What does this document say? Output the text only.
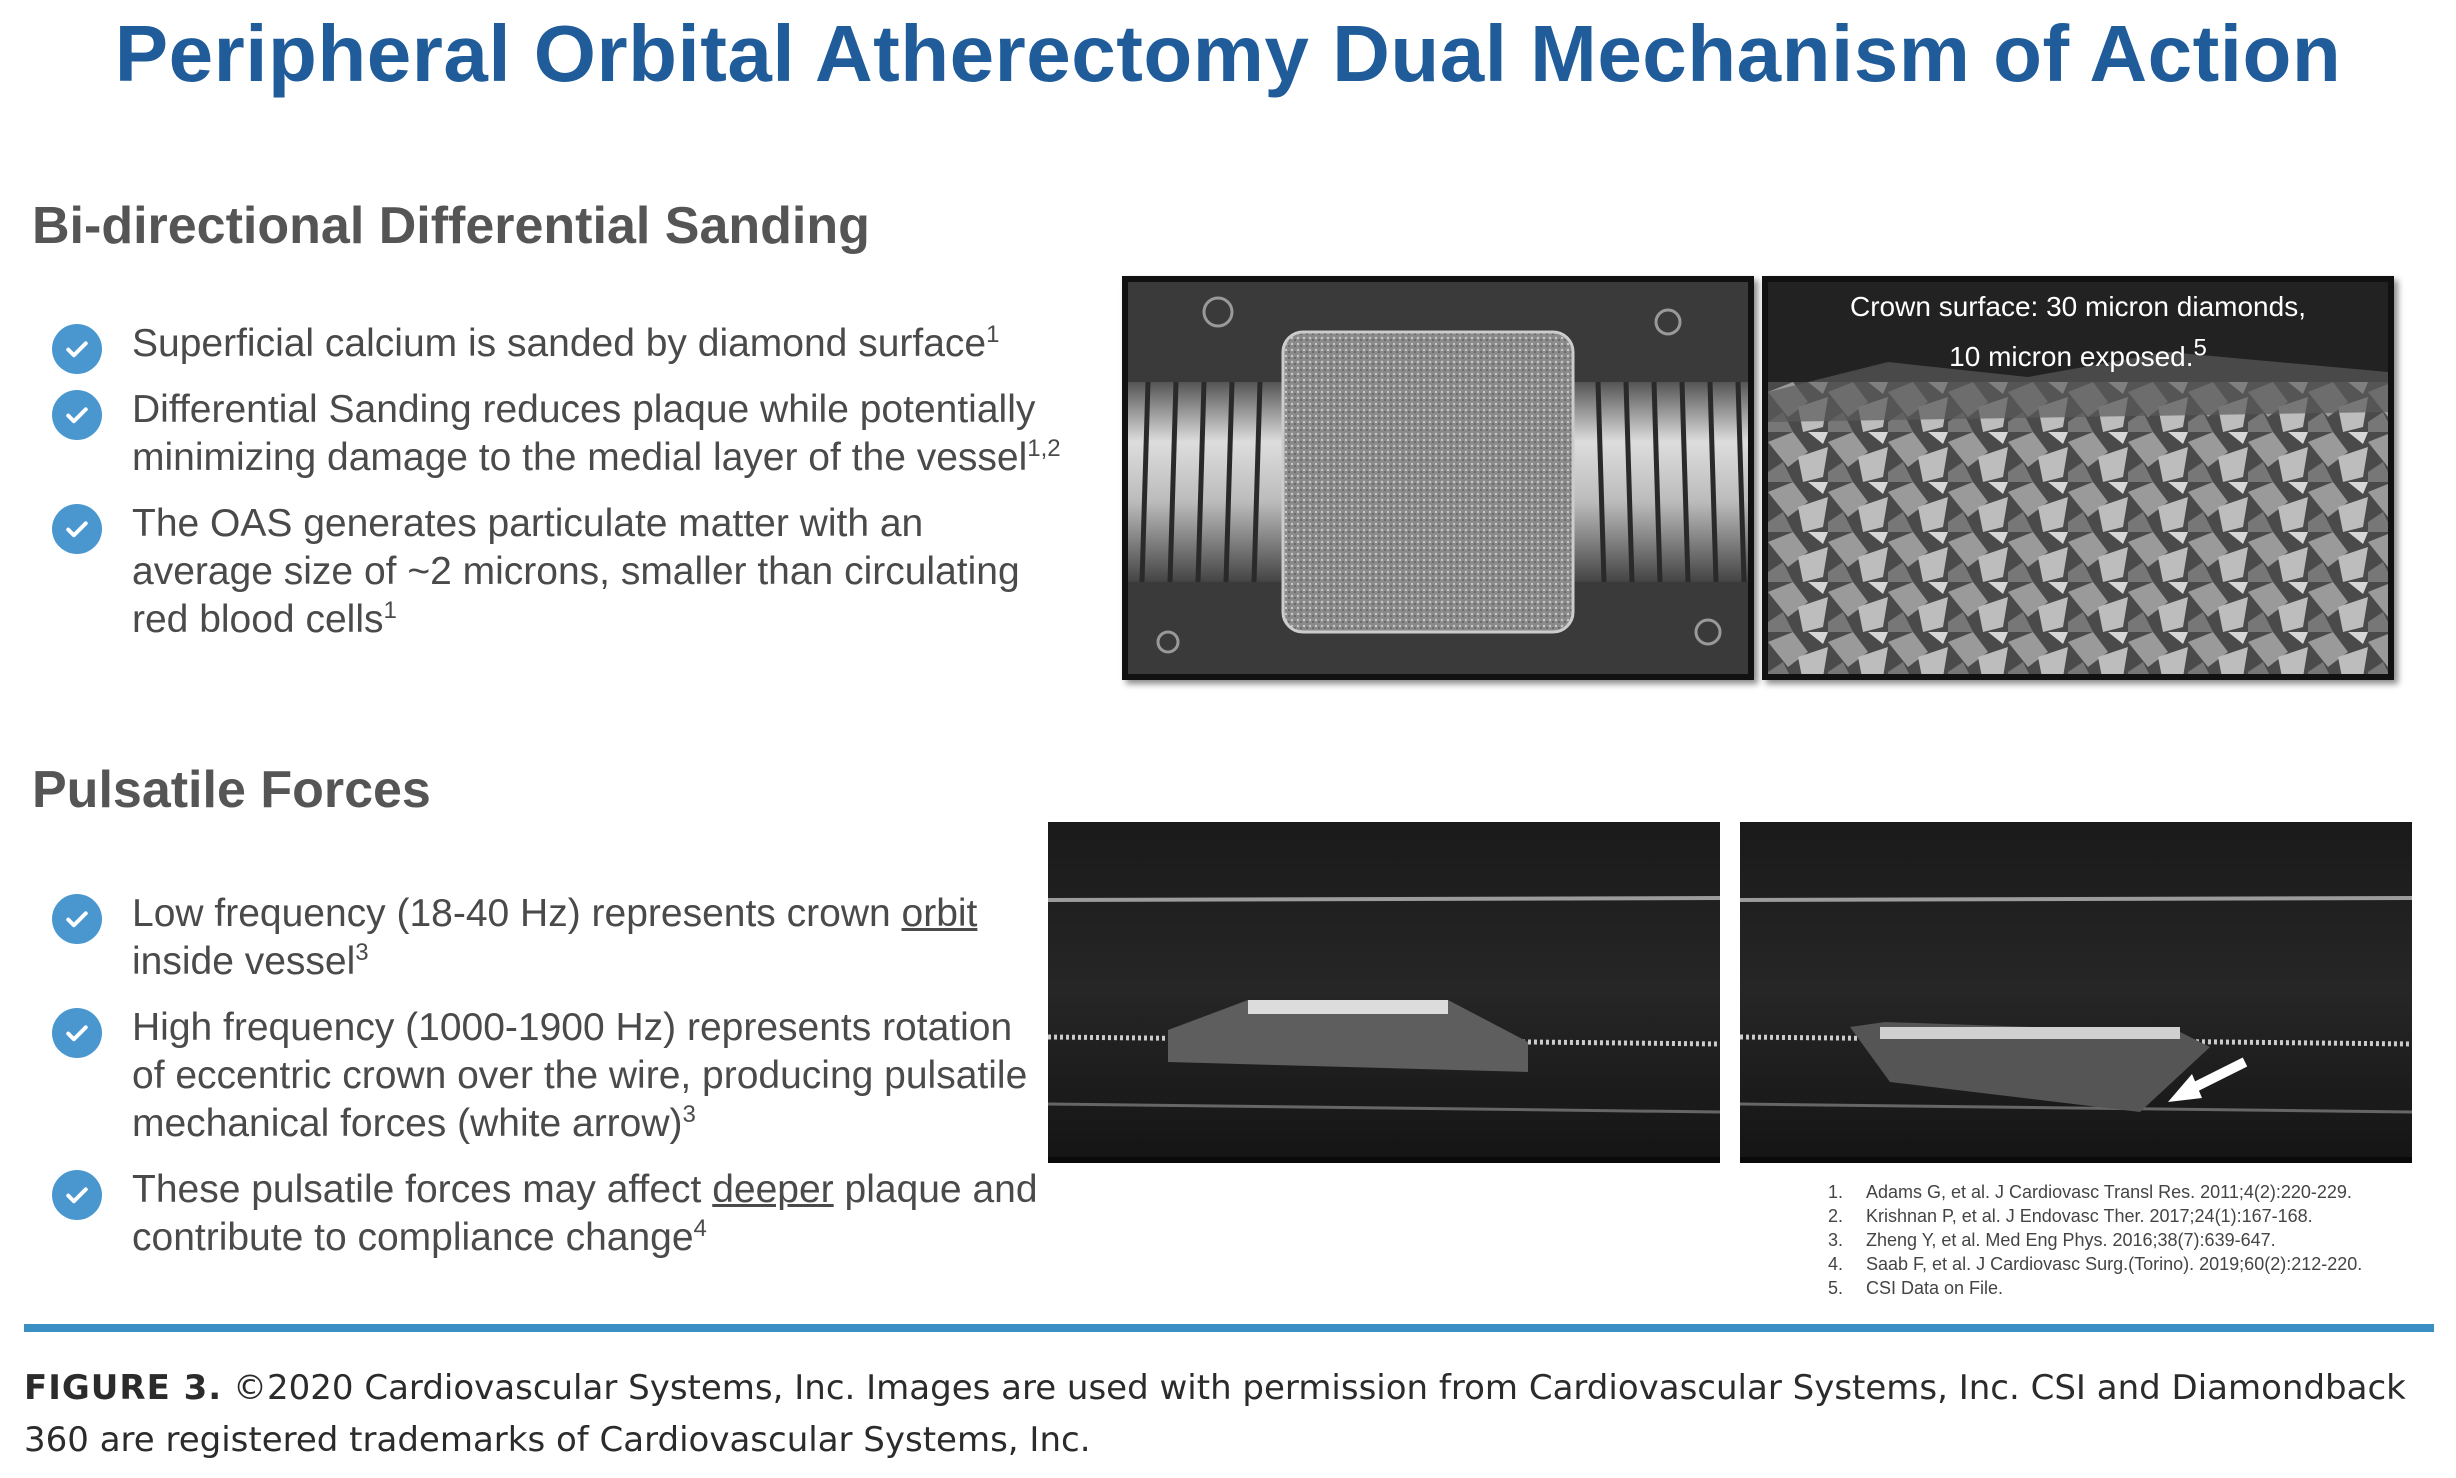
Peripheral Orbital Atherectomy Dual Mechanism of Action
Bi-directional Differential Sanding
Superficial calcium is sanded by diamond surface$^1$
Differential Sanding reduces plaque while potentially minimizing damage to the medial layer of the vessel$^{1,2}$
The OAS generates particulate matter with an average size of ~2 microns, smaller than circulating red blood cells$^1$
Crown surface: 30 micron diamonds,
10 micron exposed.$^5$
Pulsatile Forces
Low frequency (18-40 Hz) represents crown orbit inside vessel$^3$
High frequency (1000-1900 Hz) represents rotation of eccentric crown over the wire, producing pulsatile mechanical forces (white arrow)$^3$
These pulsatile forces may affect deeper plaque and contribute to compliance change$^4$
1.	Adams G, et al. J Cardiovasc Transl Res. 2011;4(2):220-229.
2.	Krishnan P, et al. J Endovasc Ther. 2017;24(1):167-168.
3.	Zheng Y, et al. Med Eng Phys. 2016;38(7):639-647.
4.	Saab F, et al. J Cardiovasc Surg.(Torino). 2019;60(2):212-220.
5.	CSI Data on File.
FIGURE 3. ©2020 Cardiovascular Systems, Inc. Images are used with permission from Cardiovascular Systems, Inc. CSI and Diamondback 360 are registered trademarks of Cardiovascular Systems, Inc.
